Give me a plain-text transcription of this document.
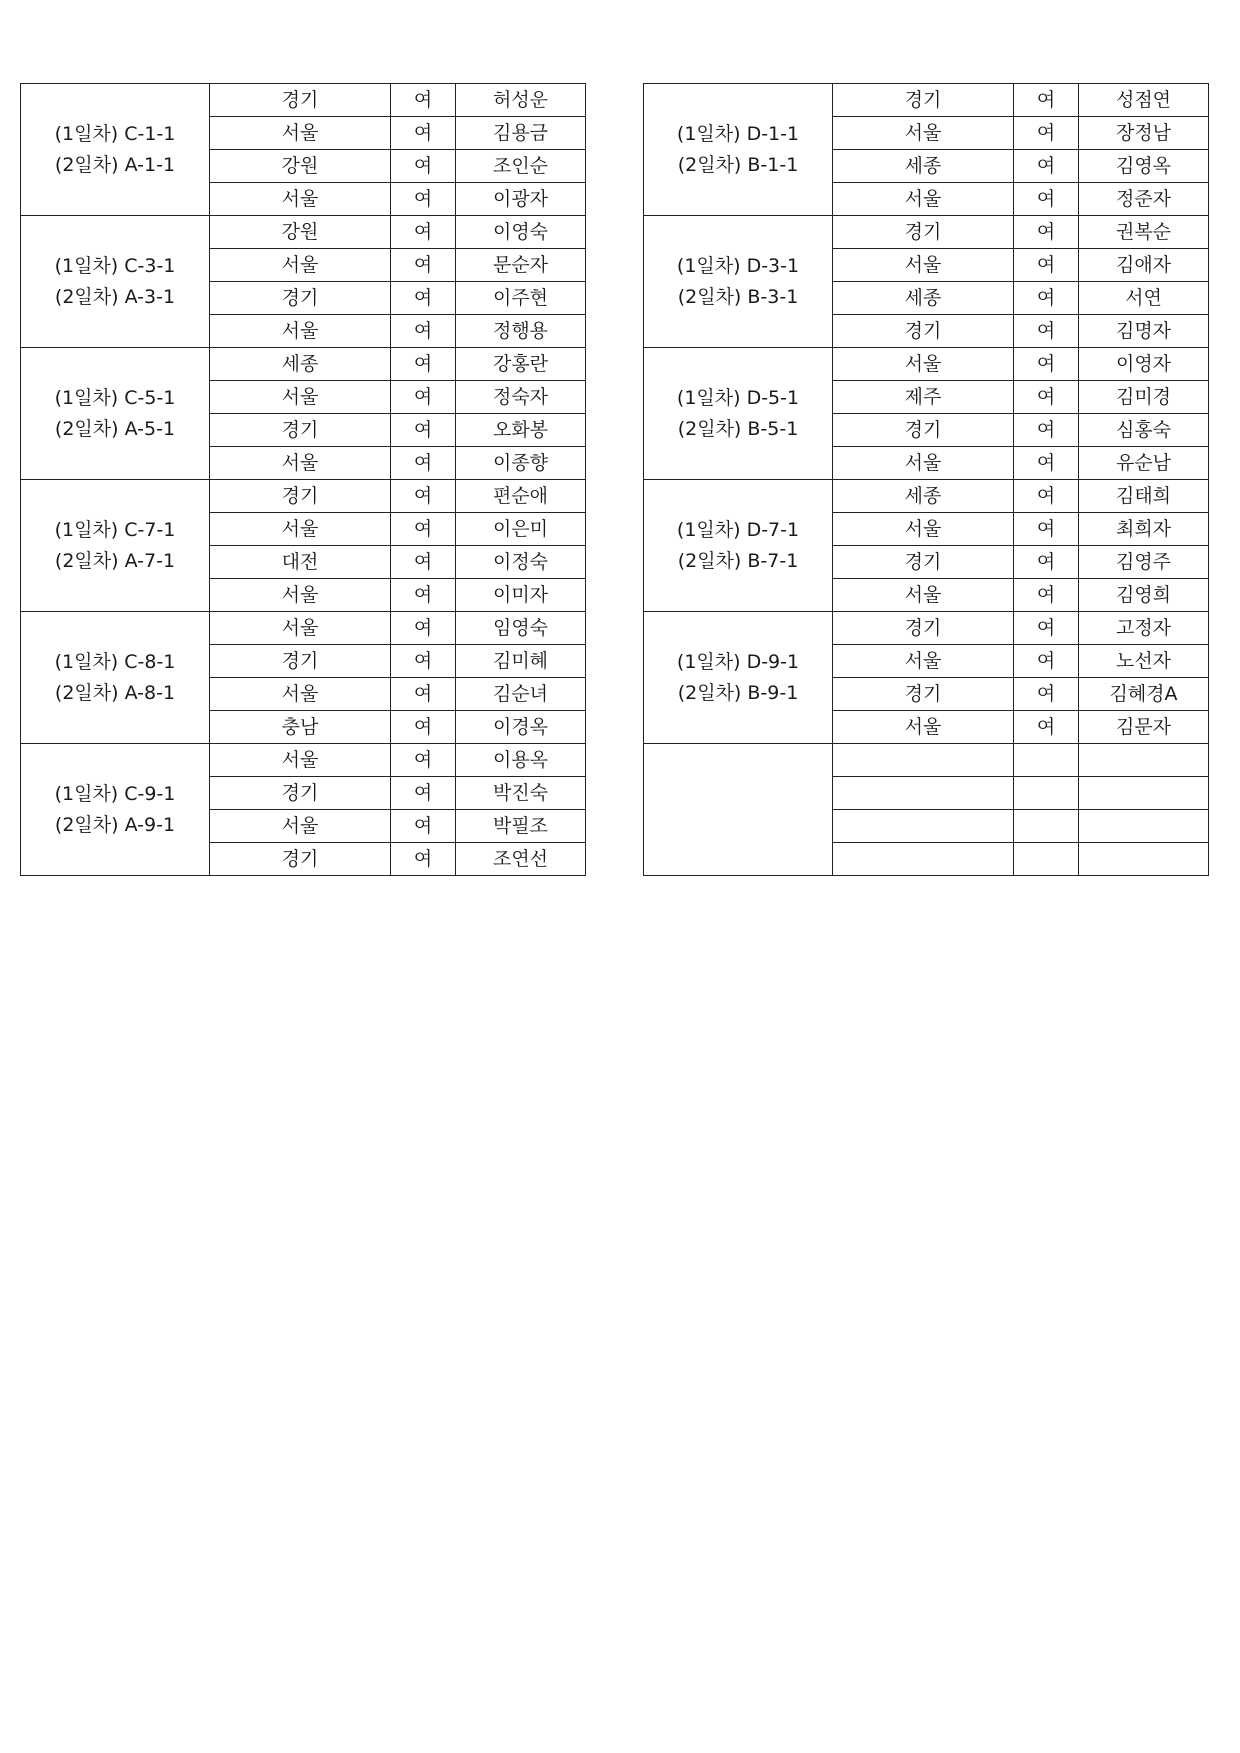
(1일차) C-1-1
(2일차) A-1-1	경기	여	허성운
	서울	여	김용금
	강원	여	조인순
	서울	여	이광자

(1일차) C-3-1
(2일차) A-3-1	강원	여	이영숙
	서울	여	문순자
	경기	여	이주현
	서울	여	정행용

(1일차) C-5-1
(2일차) A-5-1	세종	여	강홍란
	서울	여	정숙자
	경기	여	오화봉
	서울	여	이종향

(1일차) C-7-1
(2일차) A-7-1	경기	여	편순애
	서울	여	이은미
	대전	여	이정숙
	서울	여	이미자

(1일차) C-8-1
(2일차) A-8-1	서울	여	임영숙
	경기	여	김미혜
	서울	여	김순녀
	충남	여	이경옥

(1일차) C-9-1
(2일차) A-9-1	서울	여	이용옥
	경기	여	박진숙
	서울	여	박필조
	경기	여	조연선
(1일차) D-1-1
(2일차) B-1-1	경기	여	성점연
	서울	여	장정남
	세종	여	김영옥
	서울	여	정준자

(1일차) D-3-1
(2일차) B-3-1	경기	여	권복순
	서울	여	김애자
	세종	여	서연
	경기	여	김명자

(1일차) D-5-1
(2일차) B-5-1	서울	여	이영자
	제주	여	김미경
	경기	여	심홍숙
	서울	여	유순남

(1일차) D-7-1
(2일차) B-7-1	세종	여	김태희
	서울	여	최희자
	경기	여	김영주
	서울	여	김영희

(1일차) D-9-1
(2일차) B-9-1	경기	여	고정자
	서울	여	노선자
	경기	여	김혜경A
	서울	여	김문자
